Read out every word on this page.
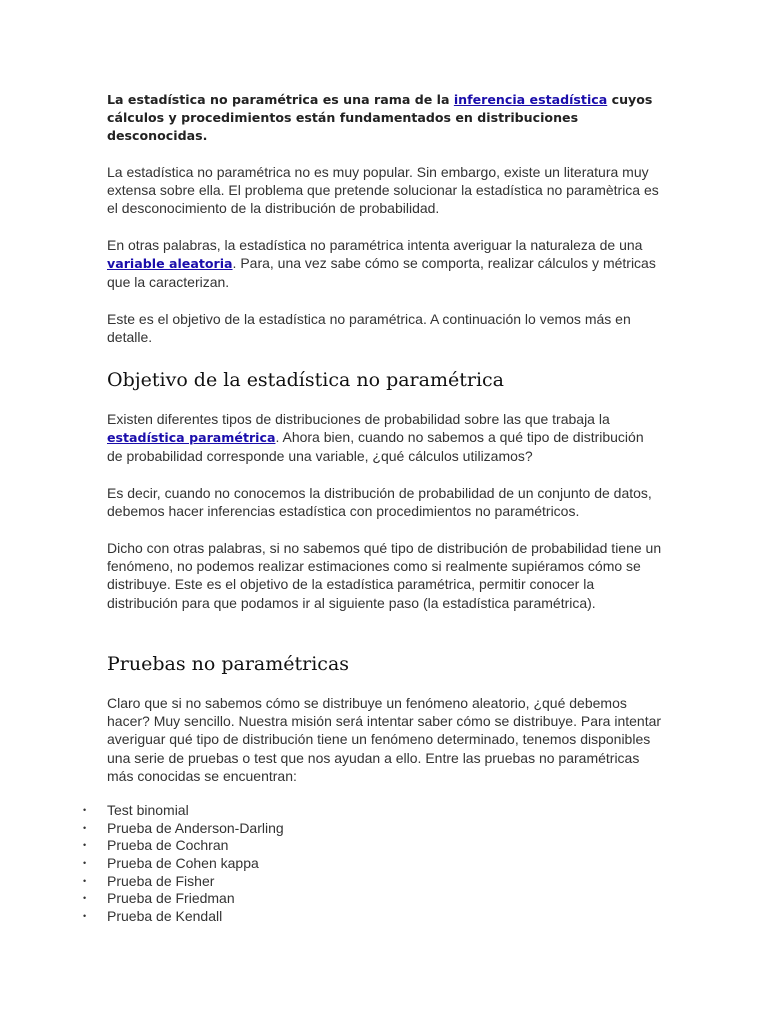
La estadística no paramétrica es una rama de la inferencia estadística cuyos cálculos y procedimientos están fundamentados en distribuciones desconocidas.

La estadística no paramétrica no es muy popular. Sin embargo, existe un literatura muy extensa sobre ella. El problema que pretende solucionar la estadística no paramètrica es el desconocimiento de la distribución de probabilidad.

En otras palabras, la estadística no paramétrica intenta averiguar la naturaleza de una variable aleatoria. Para, una vez sabe cómo se comporta, realizar cálculos y métricas que la caracterizan.

Este es el objetivo de la estadística no paramétrica. A continuación lo vemos más en detalle.

Objetivo de la estadística no paramétrica

Existen diferentes tipos de distribuciones de probabilidad sobre las que trabaja la estadística paramétrica. Ahora bien, cuando no sabemos a qué tipo de distribución de probabilidad corresponde una variable, ¿qué cálculos utilizamos?

Es decir, cuando no conocemos la distribución de probabilidad de un conjunto de datos, debemos hacer inferencias estadística con procedimientos no paramétricos.

Dicho con otras palabras, si no sabemos qué tipo de distribución de probabilidad tiene un fenómeno, no podemos realizar estimaciones como si realmente supiéramos cómo se distribuye. Este es el objetivo de la estadística paramétrica, permitir conocer la distribución para que podamos ir al siguiente paso (la estadística paramétrica).

Pruebas no paramétricas

Claro que si no sabemos cómo se distribuye un fenómeno aleatorio, ¿qué debemos hacer? Muy sencillo. Nuestra misión será intentar saber cómo se distribuye. Para intentar averiguar qué tipo de distribución tiene un fenómeno determinado, tenemos disponibles una serie de pruebas o test que nos ayudan a ello. Entre las pruebas no paramétricas más conocidas se encuentran:

• Test binomial
• Prueba de Anderson-Darling
• Prueba de Cochran
• Prueba de Cohen kappa
• Prueba de Fisher
• Prueba de Friedman
• Prueba de Kendall
